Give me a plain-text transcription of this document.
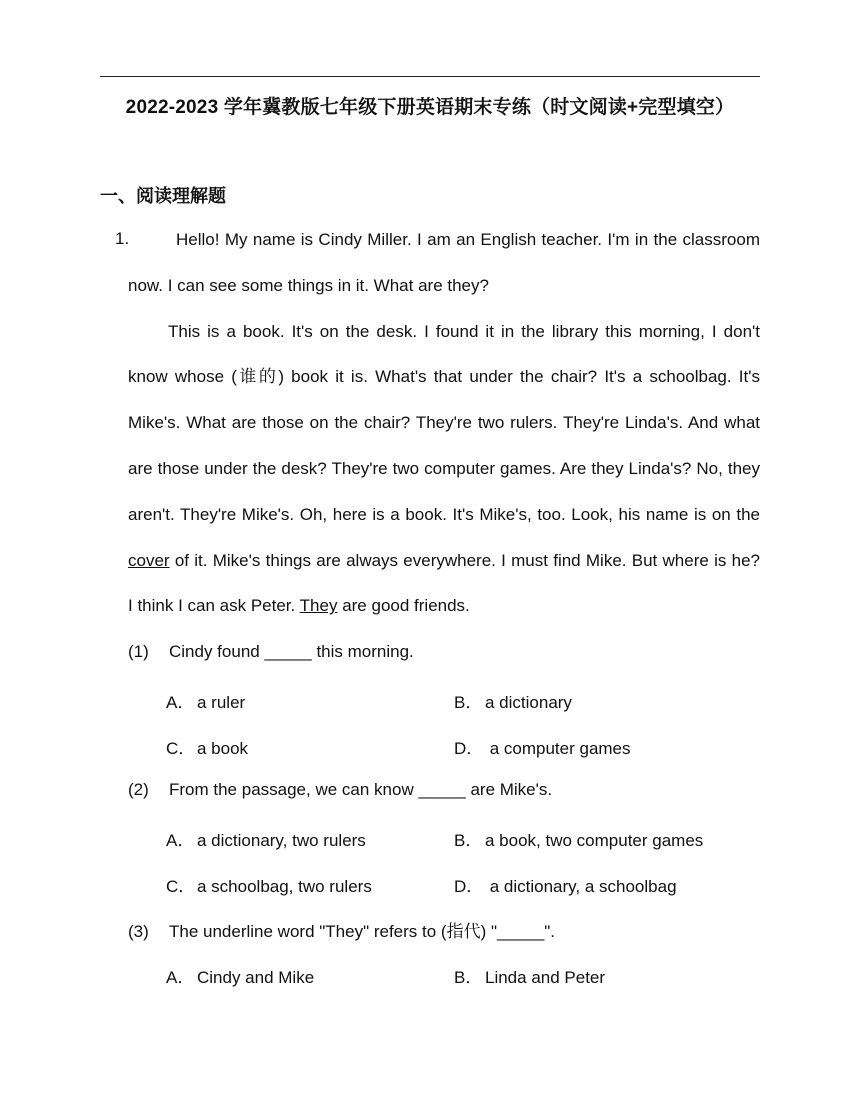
2022-2023 学年冀教版七年级下册英语期末专练（时文阅读+完型填空）
一、阅读理解题
1.	Hello! My name is Cindy Miller. I am an English teacher. I'm in the classroom now. I can see some things in it. What are they?

This is a book. It's on the desk. I found it in the library this morning, I don't know whose (谁的) book it is. What's that under the chair? It's a schoolbag. It's Mike's. What are those on the chair? They're two rulers. They're Linda's. And what are those under the desk? They're two computer games. Are they Linda's? No, they aren't. They're Mike's. Oh, here is a book. It's Mike's, too. Look, his name is on the cover of it. Mike's things are always everywhere. I must find Mike. But where is he? I think I can ask Peter. They are good friends.

(1) Cindy found _____ this morning.
A． a ruler	B． a dictionary
C． a book	D． a computer games
(2) From the passage, we can know _____ are Mike's.
A． a dictionary, two rulers	B． a book, two computer games
C． a schoolbag, two rulers	D． a dictionary, a schoolbag
(3) The underline word "They" refers to (指代) "_____".
A． Cindy and Mike	B． Linda and Peter
